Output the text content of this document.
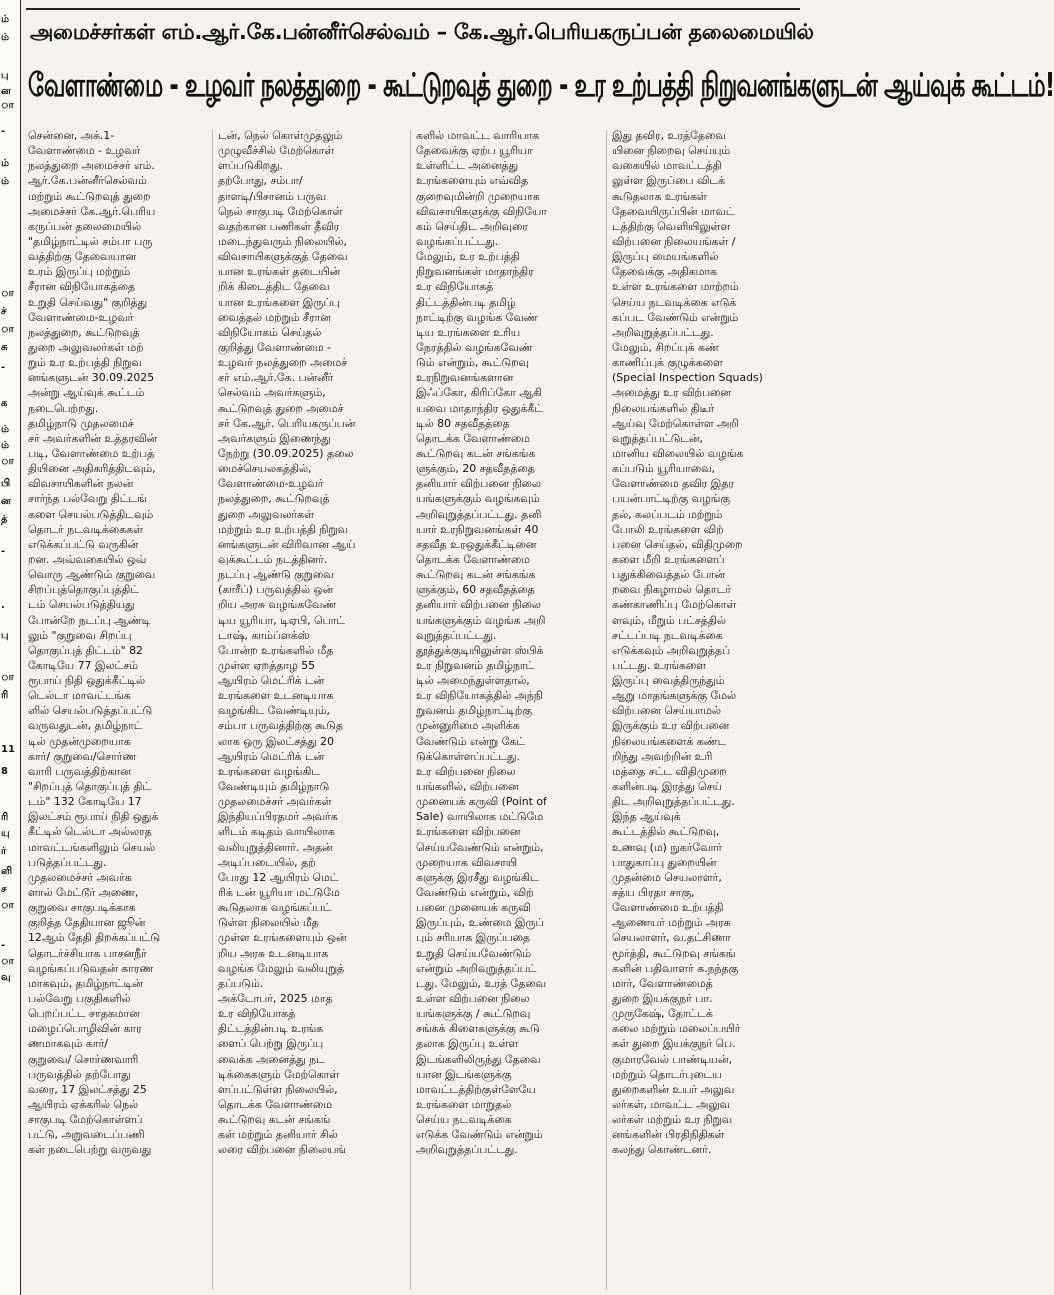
ம்
ம்
பு
ன
ா
-
ம்
ம்
ா
ச்
ா
சு
-
க
ம்
ம்
ா
பி
ன
த்
-
.
பு
ா
ரி
11
8
ரி
யு
ர்
ளி
ச
ா
-
ா
வு
அமைச்சர்கள் எம்.ஆர்.கே.பன்னீர்செல்வம் – கே.ஆர்.பெரியகருப்பன் தலைமையில்
வேளாண்மை - உழவர் நலத்துறை - கூட்டுறவுத் துறை - உர உற்பத்தி நிறுவனங்களுடன் ஆய்வுக் கூட்டம்!
சென்னை, அக்.1-
வேளாண்மை - உழவர்
நலத்துறை அமைச்சர் எம்.
ஆர்.கே.பன்னீர்செல்வம்
மற்றும் கூட்டுறவுத் துறை
அமைச்சர் கே.ஆர்.பெரிய
கருப்பன் தலைமையில்
"தமிழ்நாட்டில் சம்பா பரு
வத்திற்கு தேவையான
உரம் இருப்பு மற்றும்
சீரான விநியோகத்தை
உறுதி செய்வது" குறித்து
வேளாண்மை-உழவர்
நலத்துறை, கூட்டுறவுத்
துறை அலுவலர்கள் மற்
றும் உர உற்பத்தி நிறுவ
னங்களுடன் 30.09.2025
அன்று ஆய்வுக் கூட்டம்
நடைபெற்றது.
தமிழ்நாடு முதலமைச்
சர் அவர்களின் உத்தரவின்
படி, வேளாண்மை உற்பத்
தியினை அதிகரித்திடவும்,
விவசாயிகளின் நலன்
சார்ந்த பல்வேறு திட்டங்
களை செயல்படுத்திடவும்
தொடர் நடவடிக்கைகள்
எடுக்கப்பட்டு வருகின்
றன. அவ்வகையில் ஒவ்
வொரு ஆண்டும் குறுவை
சிறப்புத்தொகுப்புத்திட்
டம் செயல்படுத்தியது
போன்றே நடப்பு ஆண்டி
லும் "குறுவை சிறப்பு
தொகுப்புத் திட்டம்" 82
கோடியே 77 இலட்சம்
ரூபாய் நிதி ஒதுக்கீட்டில்
டெல்டா மாவட்டங்க
ளில் செயல்படுத்தப்பட்டு
வருவதுடன், தமிழ்நாட்
டில் முதன்முறையாக
கார்/ குறுவை/சொர்ண
வாரி பருவத்திற்கான
"சிறப்புத் தொகுப்புத் திட்
டம்" 132 கோடியே 17
இலட்சம் ரூபாய் நிதி ஒதுக்
கீட்டில் டெல்டா அல்லாத
மாவட்டங்களிலும் செயல்
படுத்தப்பட்டது.
முதலமைச்சர் அவர்க
ளால் மேட்டூர் அணை,
குறுவை சாகுபடிக்காக
குறித்த தேதியான ஜூன்
12ஆம் தேதி திறக்கப்பட்டு
தொடர்ச்சியாக பாசனநீர்
வழங்கப்படுவதன் காரண
மாகவும், தமிழ்நாட்டின்
பல்வேறு பகுதிகளில்
பெறப்பட்ட சாதகமான
மழைப்பொழிவின் கார
ணமாகவும் கார்/
குறுவை/ சொர்ணவாரி
பருவத்தில் தற்போது
வரை, 17 இலட்சத்து 25
ஆயிரம் ஏக்கரில் நெல்
சாகுபடி மேற்கொள்ளப்
பட்டு, அறுவடைப்பணி
கள் நடைபெற்று வருவது
டன், நெல் கொள்முதலும்
முழுவீச்சில் மேற்கொள்
ளப்படுகிறது.
தற்போது, சம்பா/
தாளடி/பிசானம் பருவ
நெல் சாகுபடி மேற்கொள்
வதற்கான பணிகள் தீவிர
மடைந்துவரும் நிலையில்,
விவசாயிகளுக்குத் தேவை
யான உரங்கள் தடையின்
றிக் கிடைத்திட தேவை
யான உரங்களை இருப்பு
வைத்தல் மற்றும் சீரான
விநியோகம் செய்தல்
குறித்து வேளாண்மை -
உழவர் நலத்துறை அமைச்
சர் எம்.ஆர்.கே. பன்னீர்
செல்வம் அவர்களும்,
கூட்டுறவுத் துறை அமைச்
சர் கே.ஆர். பெரியகருப்பன்
அவர்களும் இணைந்து
நேற்று (30.09.2025) தலை
மைச்செயலகத்தில்,
வேளாண்மை-உழவர்
நலத்துறை, கூட்டுறவுத்
துறை அலுவலர்கள்
மற்றும் உர உற்பத்தி நிறுவ
னங்களுடன் விரிவான ஆய்
வுக்கூட்டம் நடத்தினர்.
நடப்பு ஆண்டு குறுவை
(காரீப்) பருவத்தில் ஒன்
றிய அரசு வழங்கவேண்
டிய யூரியா, டிஏபி, பொட்
டாஷ், காம்ப்ளக்ஸ்
போன்ற உரங்களில் மீத
முள்ள ஏறத்தாழ 55
ஆயிரம் மெட்ரிக் டன்
உரங்களை உடனடியாக
வழங்கிட வேண்டியும்,
சம்பா பருவத்திற்கு கூடுத
லாக ஒரு இலட்சத்து 20
ஆயிரம் மெட்ரிக் டன்
உரங்களை வழங்கிட
வேண்டியும் தமிழ்நாடு
முதலமைச்சர் அவர்கள்
இந்தியப்பிரதமர் அவர்க
ளிடம் கடிதம் வாயிலாக
வலியுறுத்தினார். அதன்
அடிப்படையில், தற்
போது 12 ஆயிரம் மெட்
ரிக் டன் யூரியா மட்டுமே
கூடுதலாக வழங்கப்பட்
டுள்ள நிலையில் மீத
முள்ள உரங்களையும் ஒன்
றிய அரசு உடனடியாக
வழங்க மேலும் வலியுறுத்
தப்படும்.
அக்டோபர், 2025 மாத
உர விநியோகத்
திட்டத்தின்படி உரங்க
ளைப் பெற்று இருப்பு
வைக்க அனைத்து நட
டிக்கைகளும் மேற்கொள்
ளப்பட்டுள்ள நிலையில்,
தொடக்க வேளாண்மை
கூட்டுறவு கடன் சங்கங்
கள் மற்றும் தனியார் சில்
லரை விற்பனை நிலையங்
களில் மாவட்ட வாரியாக
தேவைக்கு ஏற்ப யூரியா
உள்ளிட்ட அனைத்து
உரங்களையும் எவ்வித
குறைவுமின்றி முறையாக
விவசாயிகளுக்கு விநியோ
கம் செய்திட அறிவுரை
வழங்கப்பட்டது.
மேலும், உர உற்பத்தி
நிறுவனங்கள் மாதாந்திர
உர விநியோகத்
திட்டத்தின்படி தமிழ்
நாட்டிற்கு வழங்க வேண்
டிய உரங்களை உரிய
நேரத்தில் வழங்கவேண்
டும் என்றும், கூட்டுறவு
உரநிறுவனங்களான
இஃப்கோ, கிரிப்கோ ஆகி
யவை மாதாந்திர ஒதுக்கீட்
டில் 80 சதவீதத்தை
தொடக்க வேளாண்மை
கூட்டுறவு கடன் சங்கங்க
ளுக்கும், 20 சதவீதத்தை
தனியார் விற்பனை நிலை
யங்களுக்கும் வழங்கவும்
அறிவுறுத்தப்பட்டது. தனி
யார் உரநிறுவனங்கள் 40
சதவீத உரஒதுக்கீட்டினை
தொடக்க வேளாண்மை
கூட்டுறவு கடன் சங்கங்க
ளுக்கும், 60 சதவீதத்தை
தனியார் விற்பனை நிலை
யங்களுக்கும் வழங்க அறி
வுறுத்தப்பட்டது.
தூத்துக்குடியிலுள்ள ஸ்பிக்
உர நிறுவனம் தமிழ்நாட்
டில் அமைந்துள்ளதால்,
உர விநியோகத்தில் அந்நி
றுவனம் தமிழ்நாட்டிற்கு
முன்னுரிமை அளிக்க
வேண்டும் என்று கேட்
டுக்கொள்ளப்பட்டது.
உர விற்பனை நிலை
யங்களில், விற்பனை
முனையக் கருவி (Point of
Sale) வாயிலாக மட்டுமே
உரங்களை விற்பனை
செய்யவேண்டும் என்றும்,
முறையாக விவசாயி
களுக்கு இரசீது வழங்கிட
வேண்டும் என்றும், விற்
பனை முனையக் கருவி
இருப்பும், உண்மை இருப்
பும் சரியாக இருப்பதை
உறுதி செய்யவேண்டும்
என்றும் அறிவுறுத்தப்பட்
டது. மேலும், உரத் தேவை
உள்ள விற்பனை நிலை
யங்களுக்கு / கூட்டுறவு
சங்கக் கிளைகளுக்கு கூடு
தலாக இருப்பு உள்ள
இடங்களிலிருந்து தேவை
யான இடங்களுக்கு
மாவட்டத்திற்குள்ளேயே
உரங்களை மாறுதல்
செய்ய நடவடிக்கை
எடுக்க வேண்டும் என்றும்
அறிவுறுத்தப்பட்டது.
இது தவிர, உரத்தேவை
யினை நிறைவு செய்யும்
வகையில் மாவட்டத்தி
லுள்ள இருப்பை விடக்
கூடுதலாக உரங்கள்
தேவையிருப்பின் மாவட்
டத்திற்கு வெளியிலுள்ள
விற்பனை நிலையங்கள் /
இருப்பு மையங்களில்
தேவைக்கு அதிகமாக
உள்ள உரங்களை மாற்றம்
செய்ய நடவடிக்கை எடுக்
கப்பட வேண்டும் என்றும்
அறிவுறுத்தப்பட்டது.
மேலும், சிறப்புக் கண்
காணிப்புக் குழுக்களை
(Special Inspection Squads)
அமைத்து உர விற்பனை
நிலையங்களில் திடீர்
ஆய்வு மேற்கொள்ள அறி
வுறுத்தப்பட்டுடன்,
மானிய விலையில் வழங்க
கப்படும் யூரியாவை,
வேளாண்மை தவிர இதர
பயன்பாட்டிற்கு வழங்கு
தல், கலப்படம் மற்றும்
போலி உரங்களை விற்
பனை செய்தல், விதிமுறை
களை மீறி உரங்களைப்
பதுக்கிவைத்தல் போன்
றவை நிகழாமல் தொடர்
கண்காணிப்பு மேற்கொள்
ளவும், மீறும் பட்சத்தில்
சட்டப்படி நடவடிக்கை
எடுக்கவும் அறிவுறுத்தப்
பட்டது. உரங்களை
இருப்பு வைத்திருந்தும்
ஆறு மாதங்களுக்கு மேல்
விற்பனை செய்யாமல்
இருக்கும் உர விற்பனை
நிலையங்களைக் கண்ட
றிந்து அவற்றின் உரி
மத்தை சட்ட விதிமுறை
களின்படி இரத்து செய்
திட அறிவுறுத்தப்பட்டது.
இந்த ஆய்வுக்
கூட்டத்தில் கூட்டுறவு,
உணவு (ம) நுகர்வோர்
பாதுகாப்பு துறையின்
முதன்மை செயலாளர்,
சத்ய பிரதா சாகு,
வேளாண்மை உற்பத்தி
ஆணையர் மற்றும் அரசு
செயலாளர், வ.தட்சிணா
மூர்த்தி, கூட்டுறவு சங்கங்
களின் பதிவாளர் க.நந்தகு
மார், வேளாண்மைத்
துறை இயக்குநர் பா.
முருகேஷ், தோட்டக்
கலை மற்றும் மலைப்பயிர்
கள் துறை இயக்குநர் பெ.
குமாரவேல் பாண்டியன்,
மற்றும் தொடர்புடைய
துறைகளின் உயர் அலுவ
லர்கள், மாவட்ட அலுவ
லர்கள் மற்றும் உர நிறுவ
னங்களின் பிரதிநிதிகள்
கலந்து கொண்டனர்.
